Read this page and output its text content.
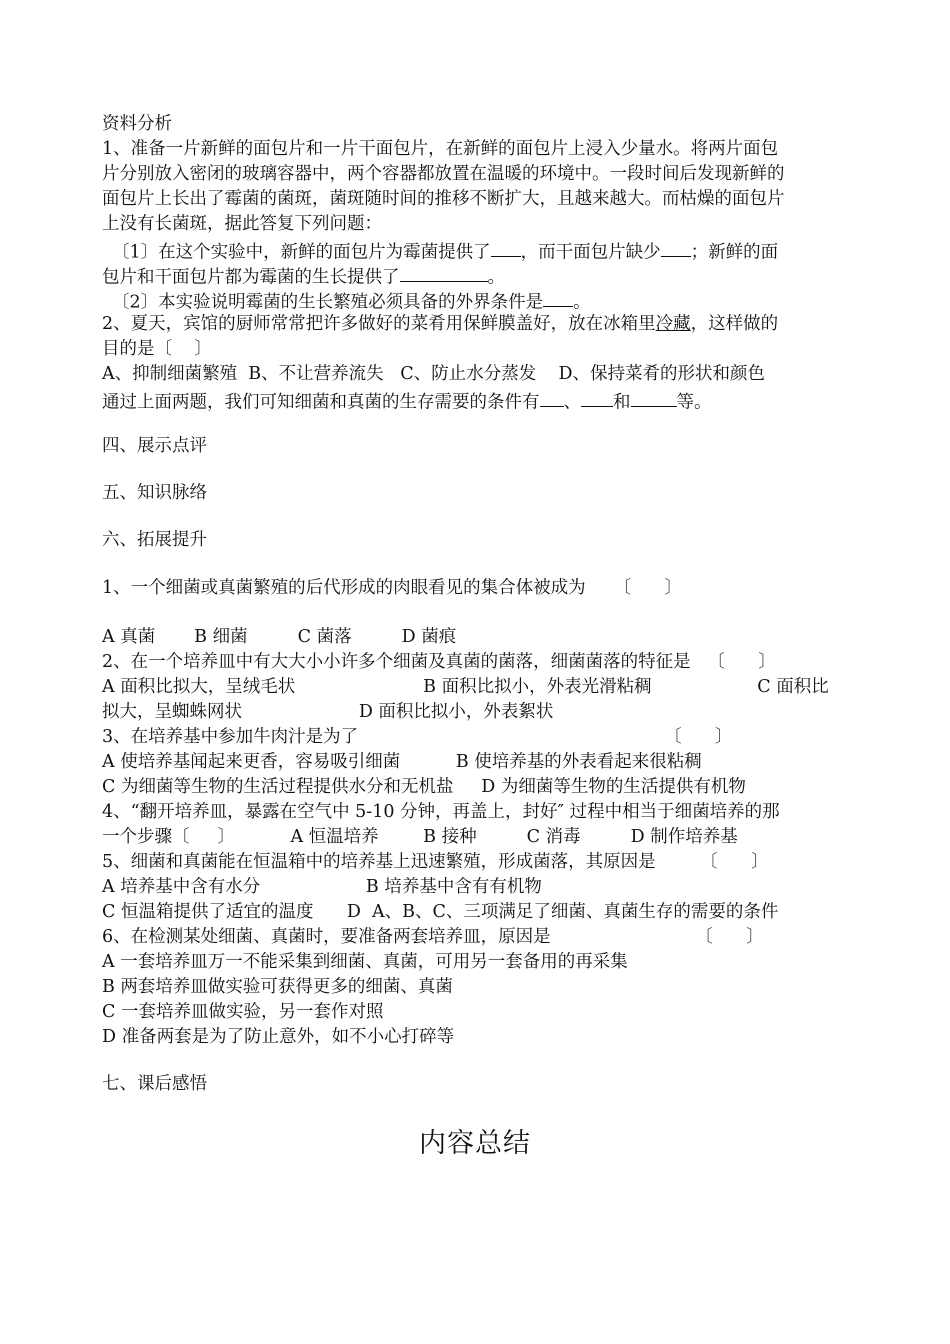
资料分析
1、准备一片新鲜的面包片和一片干面包片，在新鲜的面包片上浸入少量水。将两片面包
片分别放入密闭的玻璃容器中，两个容器都放置在温暖的环境中。一段时间后发现新鲜的
面包片上长出了霉菌的菌斑，菌斑随时间的推移不断扩大，且越来越大。而枯燥的面包片
上没有长菌斑，据此答复下列问题：
〔1〕在这个实验中，新鲜的面包片为霉菌提供了 ，而干面包片缺少 ；新鲜的面
包片和干面包片都为霉菌的生长提供了	。
〔2〕本实验说明霉菌的生长繁殖必须具备的外界条件是 。
2、夏天，宾馆的厨师常常把许多做好的菜肴用保鲜膜盖好，放在冰箱里冷藏，这样做的
目的是〔    〕
A、抑制细菌繁殖  B、不让营养流失   C、防止水分蒸发    D、保持菜肴的形状和颜色
通过上面两题，我们可知细菌和真菌的生存需要的条件有 、 和	等。
四、展示点评
五、知识脉络
六、拓展提升
1、一个细菌或真菌繁殖的后代形成的肉眼看见的集合体被成为     〔      〕
A 真菌       B 细菌         C 菌落         D 菌痕
2、在一个培养皿中有大大小小许多个细菌及真菌的菌落，细菌菌落的特征是   〔      〕
A 面积比拟大，呈绒毛状                       B 面积比拟小，外表光滑粘稠                   C 面积比
拟大，呈蜘蛛网状                     D 面积比拟小，外表絮状
3、在培养基中参加牛肉汁是为了                                                       〔      〕
A 使培养基闻起来更香，容易吸引细菌          B 使培养基的外表看起来很粘稠
C 为细菌等生物的生活过程提供水分和无机盐     D 为细菌等生物的生活提供有机物
4、“翻开培养皿，暴露在空气中 5-10 分钟，再盖上，封好″ 过程中相当于细菌培养的那
一个步骤〔     〕          A 恒温培养        B 接种         C 消毒         D 制作培养基
5、细菌和真菌能在恒温箱中的培养基上迅速繁殖，形成菌落，其原因是        〔      〕
A 培养基中含有水分                   B 培养基中含有有机物
C 恒温箱提供了适宜的温度      D  A、B、C、三项满足了细菌、真菌生存的需要的条件
6、在检测某处细菌、真菌时，要准备两套培养皿，原因是                          〔      〕
A 一套培养皿万一不能采集到细菌、真菌，可用另一套备用的再采集
B 两套培养皿做实验可获得更多的细菌、真菌
C 一套培养皿做实验，另一套作对照
D 准备两套是为了防止意外，如不小心打碎等
七、课后感悟
内容总结
